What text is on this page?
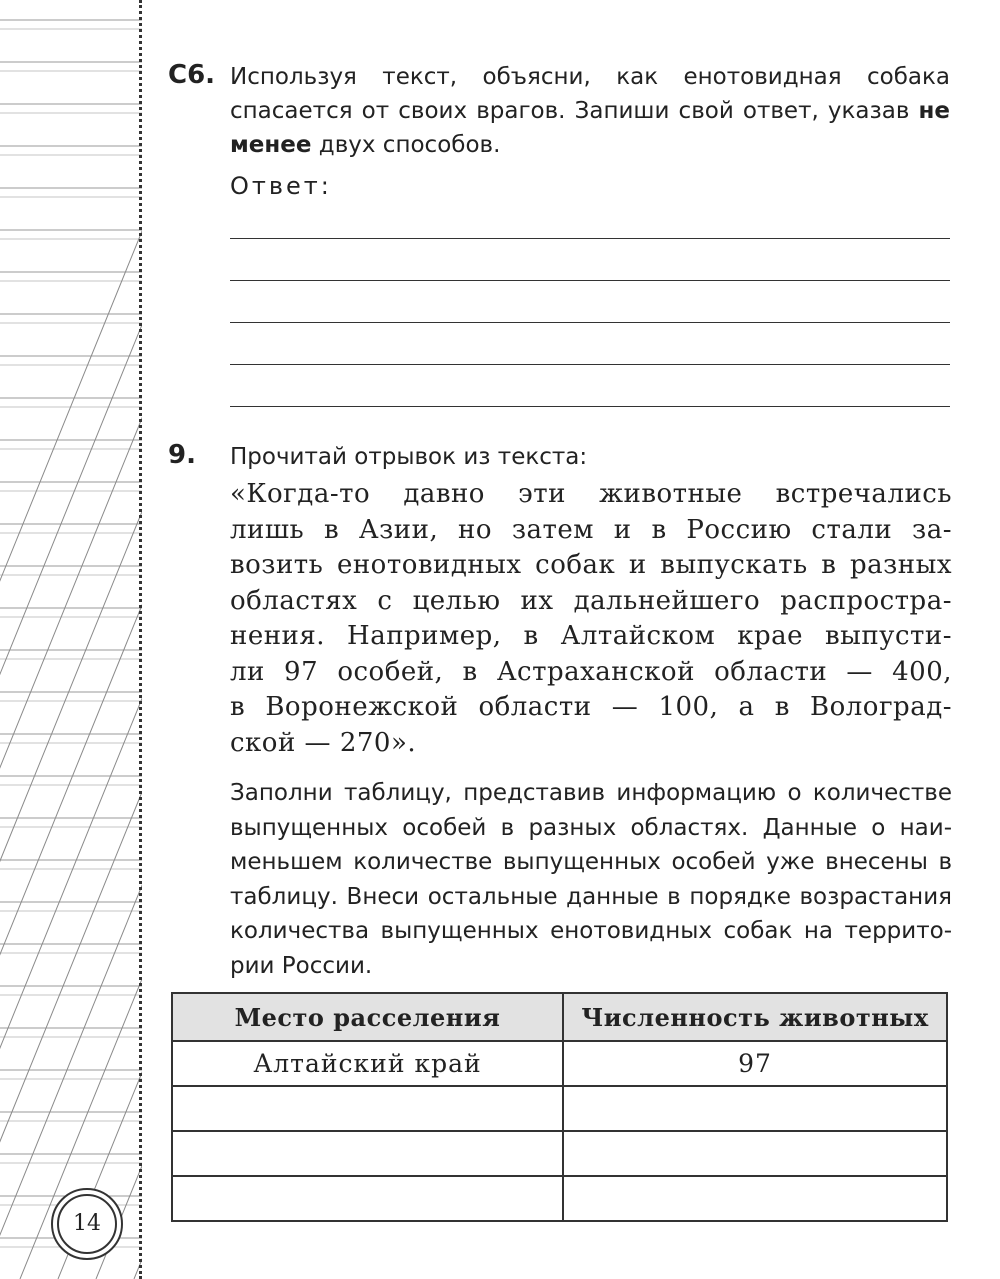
С6. Используя текст, объясни, как енотовидная собака спасается от своих врагов. Запиши свой ответ, указав не менее двух способов.
Ответ:
9. Прочитай отрывок из текста:
«Когда-то давно эти животные встречались
лишь в Азии, но затем и в Россию стали за-
возить енотовидных собак и выпускать в разных
областях с целью их дальнейшего распростра-
нения. Например, в Алтайском крае выпусти-
ли 97 особей, в Астраханской области — 400,
в Воронежской области — 100, а в Волоград-
ской — 270».
Заполни таблицу, представив информацию о количестве
выпущенных особей в разных областях. Данные о наи-
меньшем количестве выпущенных особей уже внесены в
таблицу. Внеси остальные данные в порядке возрастания
количества выпущенных енотовидных собак на террито-
рии России.
Место расселения	Численность животных
Алтайский край	97

14
